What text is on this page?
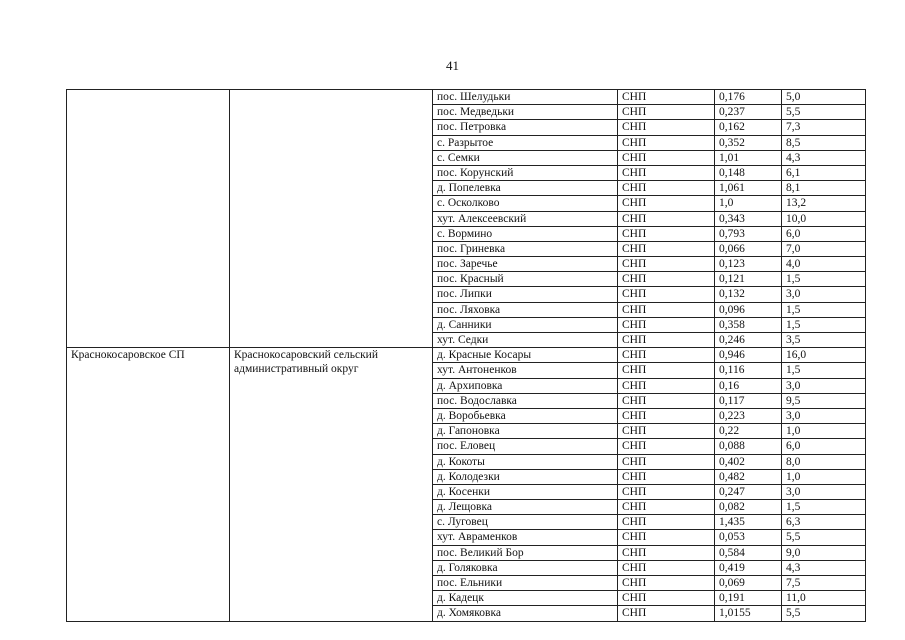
41
		пос. Шелудьки	СНП	0,176	5,0
		пос. Медведьки	СНП	0,237	5,5
		пос. Петровка	СНП	0,162	7,3
		с. Разрытое	СНП	0,352	8,5
		с. Семки	СНП	1,01	4,3
		пос. Корунский	СНП	0,148	6,1
		д. Попелевка	СНП	1,061	8,1
		с. Осколково	СНП	1,0	13,2
		хут. Алексеевский	СНП	0,343	10,0
		с. Вормино	СНП	0,793	6,0
		пос. Гриневка	СНП	0,066	7,0
		пос. Заречье	СНП	0,123	4,0
		пос. Красный	СНП	0,121	1,5
		пос. Липки	СНП	0,132	3,0
		пос. Ляховка	СНП	0,096	1,5
		д. Санники	СНП	0,358	1,5
		хут. Седки	СНП	0,246	3,5
Краснокосаровское СП	Краснокосаровский сельский административный округ	д. Красные Косары	СНП	0,946	16,0
		хут. Антоненков	СНП	0,116	1,5
		д. Архиповка	СНП	0,16	3,0
		пос. Водославка	СНП	0,117	9,5
		д. Воробьевка	СНП	0,223	3,0
		д. Гапоновка	СНП	0,22	1,0
		пос. Еловец	СНП	0,088	6,0
		д. Кокоты	СНП	0,402	8,0
		д. Колодезки	СНП	0,482	1,0
		д. Косенки	СНП	0,247	3,0
		д. Лещовка	СНП	0,082	1,5
		с. Луговец	СНП	1,435	6,3
		хут. Авраменков	СНП	0,053	5,5
		пос. Великий Бор	СНП	0,584	9,0
		д. Голяковка	СНП	0,419	4,3
		пос. Ельники	СНП	0,069	7,5
		д. Кадецк	СНП	0,191	11,0
		д. Хомяковка	СНП	1,0155	5,5
